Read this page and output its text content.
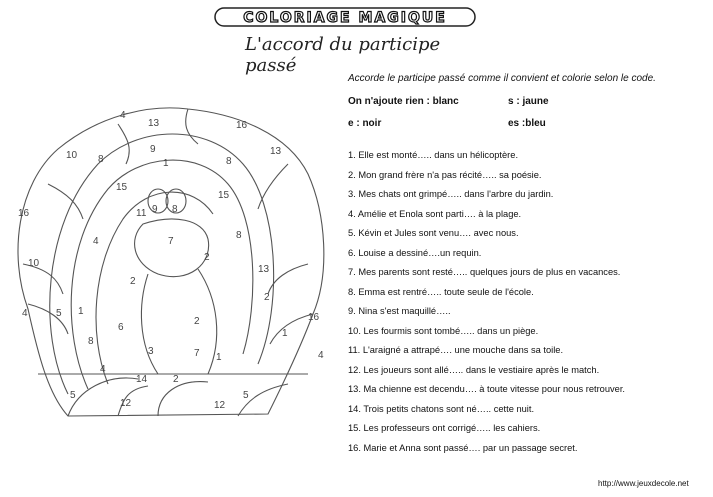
COLORIAGE MAGIQUE
L'accord du participe passé
4
13	16
8
9
1
10
15
8
15
13
16	9 8
7
11
2
10
8
4
2
13
4
2
1
5
6
2	16
1
8
4
3	7 1
4
14	2
5	5
12	12
Accorde le participe passé comme il convient et colorie selon le code.
On n'ajoute rien : blanc	s : jaune
e : noir	es :bleu
1. Elle est monté….. dans un hélicoptère.
2. Mon grand frère n'a pas récité….. sa poésie.
3. Mes chats ont grimpé….. dans l'arbre du jardin.
4. Amélie et Enola sont parti…. à la plage.
5. Kévin et Jules sont venu…. avec nous.
6. Louise a dessiné….un requin.
7. Mes parents sont resté….. quelques jours de plus en vacances.
8. Emma est rentré….. toute seule de l'école.
9. Nina s'est maquillé…..
10. Les fourmis sont tombé….. dans un piège.
11. L'araigné a attrapé…. une mouche dans sa toile.
12. Les joueurs sont allé….. dans le vestiaire après le match.
13. Ma chienne est decendu…. à toute vitesse pour nous retrouver.
14. Trois petits chatons sont né….. cette nuit.
15. Les professeurs ont corrigé….. les cahiers.
16. Marie et Anna sont passé…. par un passage secret.
http://www.jeuxdecole.net
